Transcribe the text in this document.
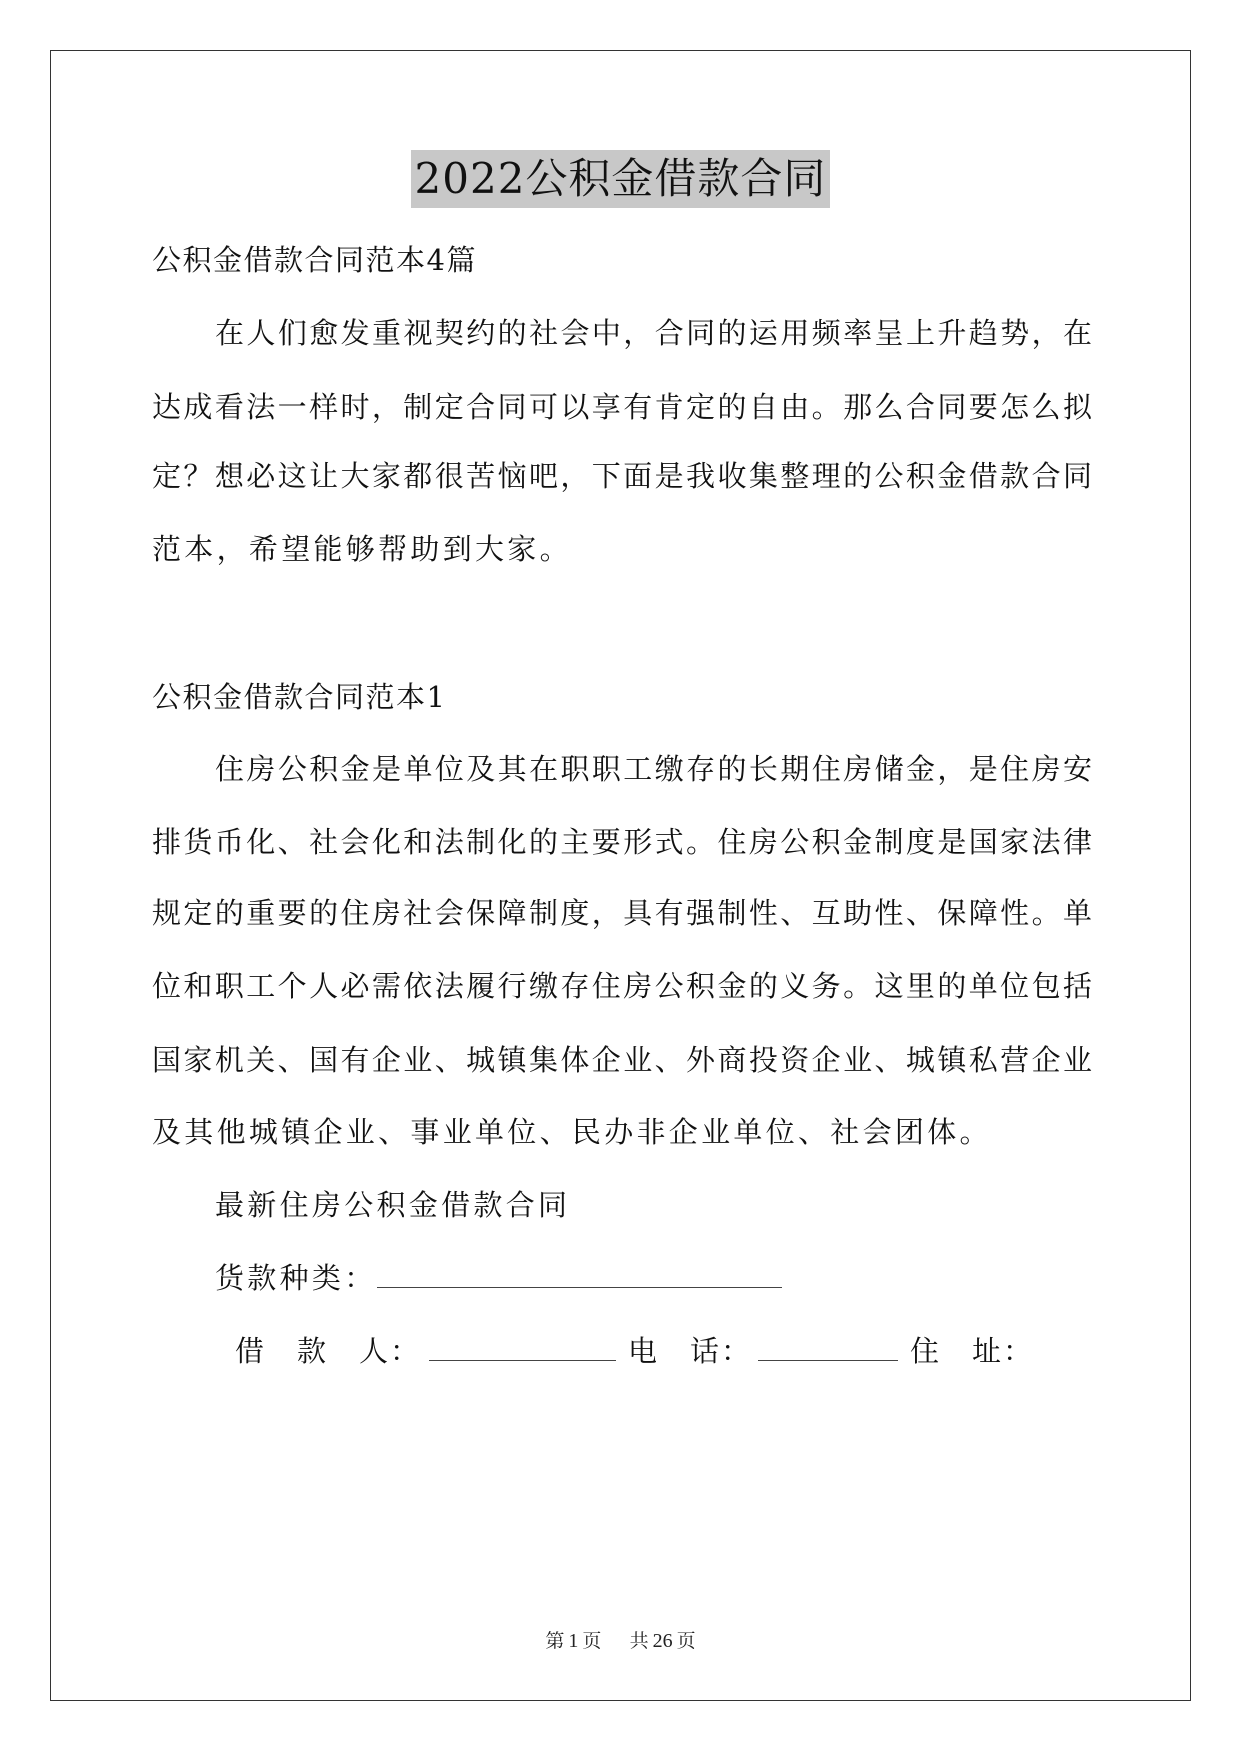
2022公积金借款合同
公积金借款合同范本4篇
在人们愈发重视契约的社会中，合同的运用频率呈上升趋势，在
达成看法一样时，制定合同可以享有肯定的自由。那么合同要怎么拟
定？想必这让大家都很苦恼吧，下面是我收集整理的公积金借款合同
范本，希望能够帮助到大家。
公积金借款合同范本1
住房公积金是单位及其在职职工缴存的长期住房储金，是住房安
排货币化、社会化和法制化的主要形式。住房公积金制度是国家法律
规定的重要的住房社会保障制度，具有强制性、互助性、保障性。单
位和职工个人必需依法履行缴存住房公积金的义务。这里的单位包括
国家机关、国有企业、城镇集体企业、外商投资企业、城镇私营企业
及其他城镇企业、事业单位、民办非企业单位、社会团体。
最新住房公积金借款合同
货款种类：
借　款　人：	电　话：	住　址：
第 1 页 共 26 页
